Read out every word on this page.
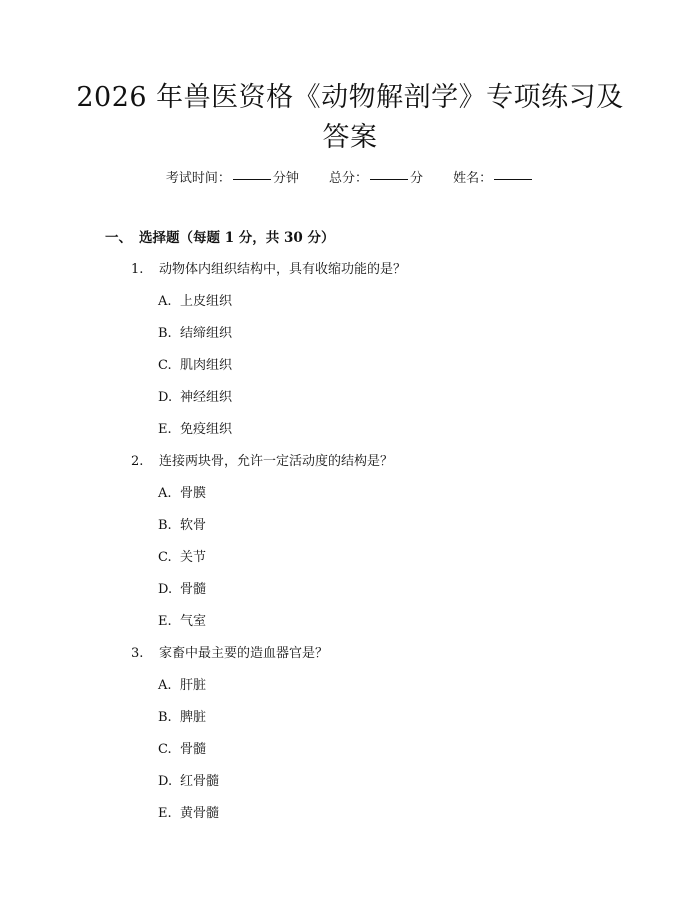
2026 年兽医资格《动物解剖学》专项练习及
答案
考试时间：	分钟 总分：	分 姓名：
一、 选择题（每题 1 分，共 30 分）
1. 动物体内组织结构中，具有收缩功能的是？
A. 上皮组织
B. 结缔组织
C. 肌肉组织
D. 神经组织
E. 免疫组织
2. 连接两块骨，允许一定活动度的结构是？
A. 骨膜
B. 软骨
C. 关节
D. 骨髓
E. 气室
3. 家畜中最主要的造血器官是？
A. 肝脏
B. 脾脏
C. 骨髓
D. 红骨髓
E. 黄骨髓
